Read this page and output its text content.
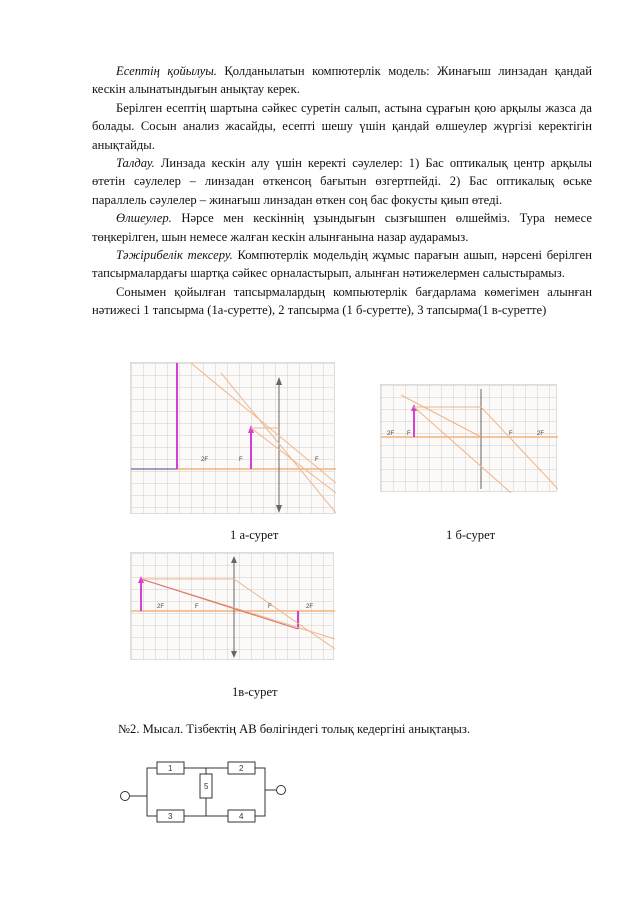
Есептің қойылуы. Қолданылатын компютерлік модель: Жинағыш линзадан қандай кескін алынатындығын анықтау керек.

Берілген есептің шартына сәйкес суретін салып, астына сұрағын қою арқылы жазса да болады. Сосын анализ жасайды, есепті шешу үшін қандай өлшеулер жүргізі керектігін анықтайды.

Талдау. Линзада кескін алу үшін керекті сәулелер: 1) Бас оптикалық центр арқылы өтетін сәулелер – линзадан өткенсоң бағытын өзгертпейді. 2) Бас оптикалық өське параллель сәулелер – жинағыш линзадан өткен соң бас фокусты қиып өтеді.

Өлшеулер. Нәрсе мен кескіннің ұзындығын сызғышпен өлшейміз. Тура немесе төңкерілген, шын немесе жалған кескін алынғанына назар аударамыз.

Тәжірибелік тексеру. Компютерлік модельдің жұмыс парағын ашып, нәрсені берілген тапсырмалардағы шартқа сәйкес орналастырып, алынған нәтижелермен салыстырамыз.

Сонымен қойылған тапсырмалардың компьютерлік бағдарлама көмегімен алынған нәтижесі 1 тапсырма (1а-суретте), 2 тапсырма (1 б-суретте), 3 тапсырма(1 в-суретте)

2F	F	F
2F F	F	2F
2F	F	F	2F
1 а-сурет	1 б-сурет
1в-сурет
№2. Мысал. Тізбектің АВ бөлігіндегі толық кедергіні анықтаңыз.
1	2
3	4
5
